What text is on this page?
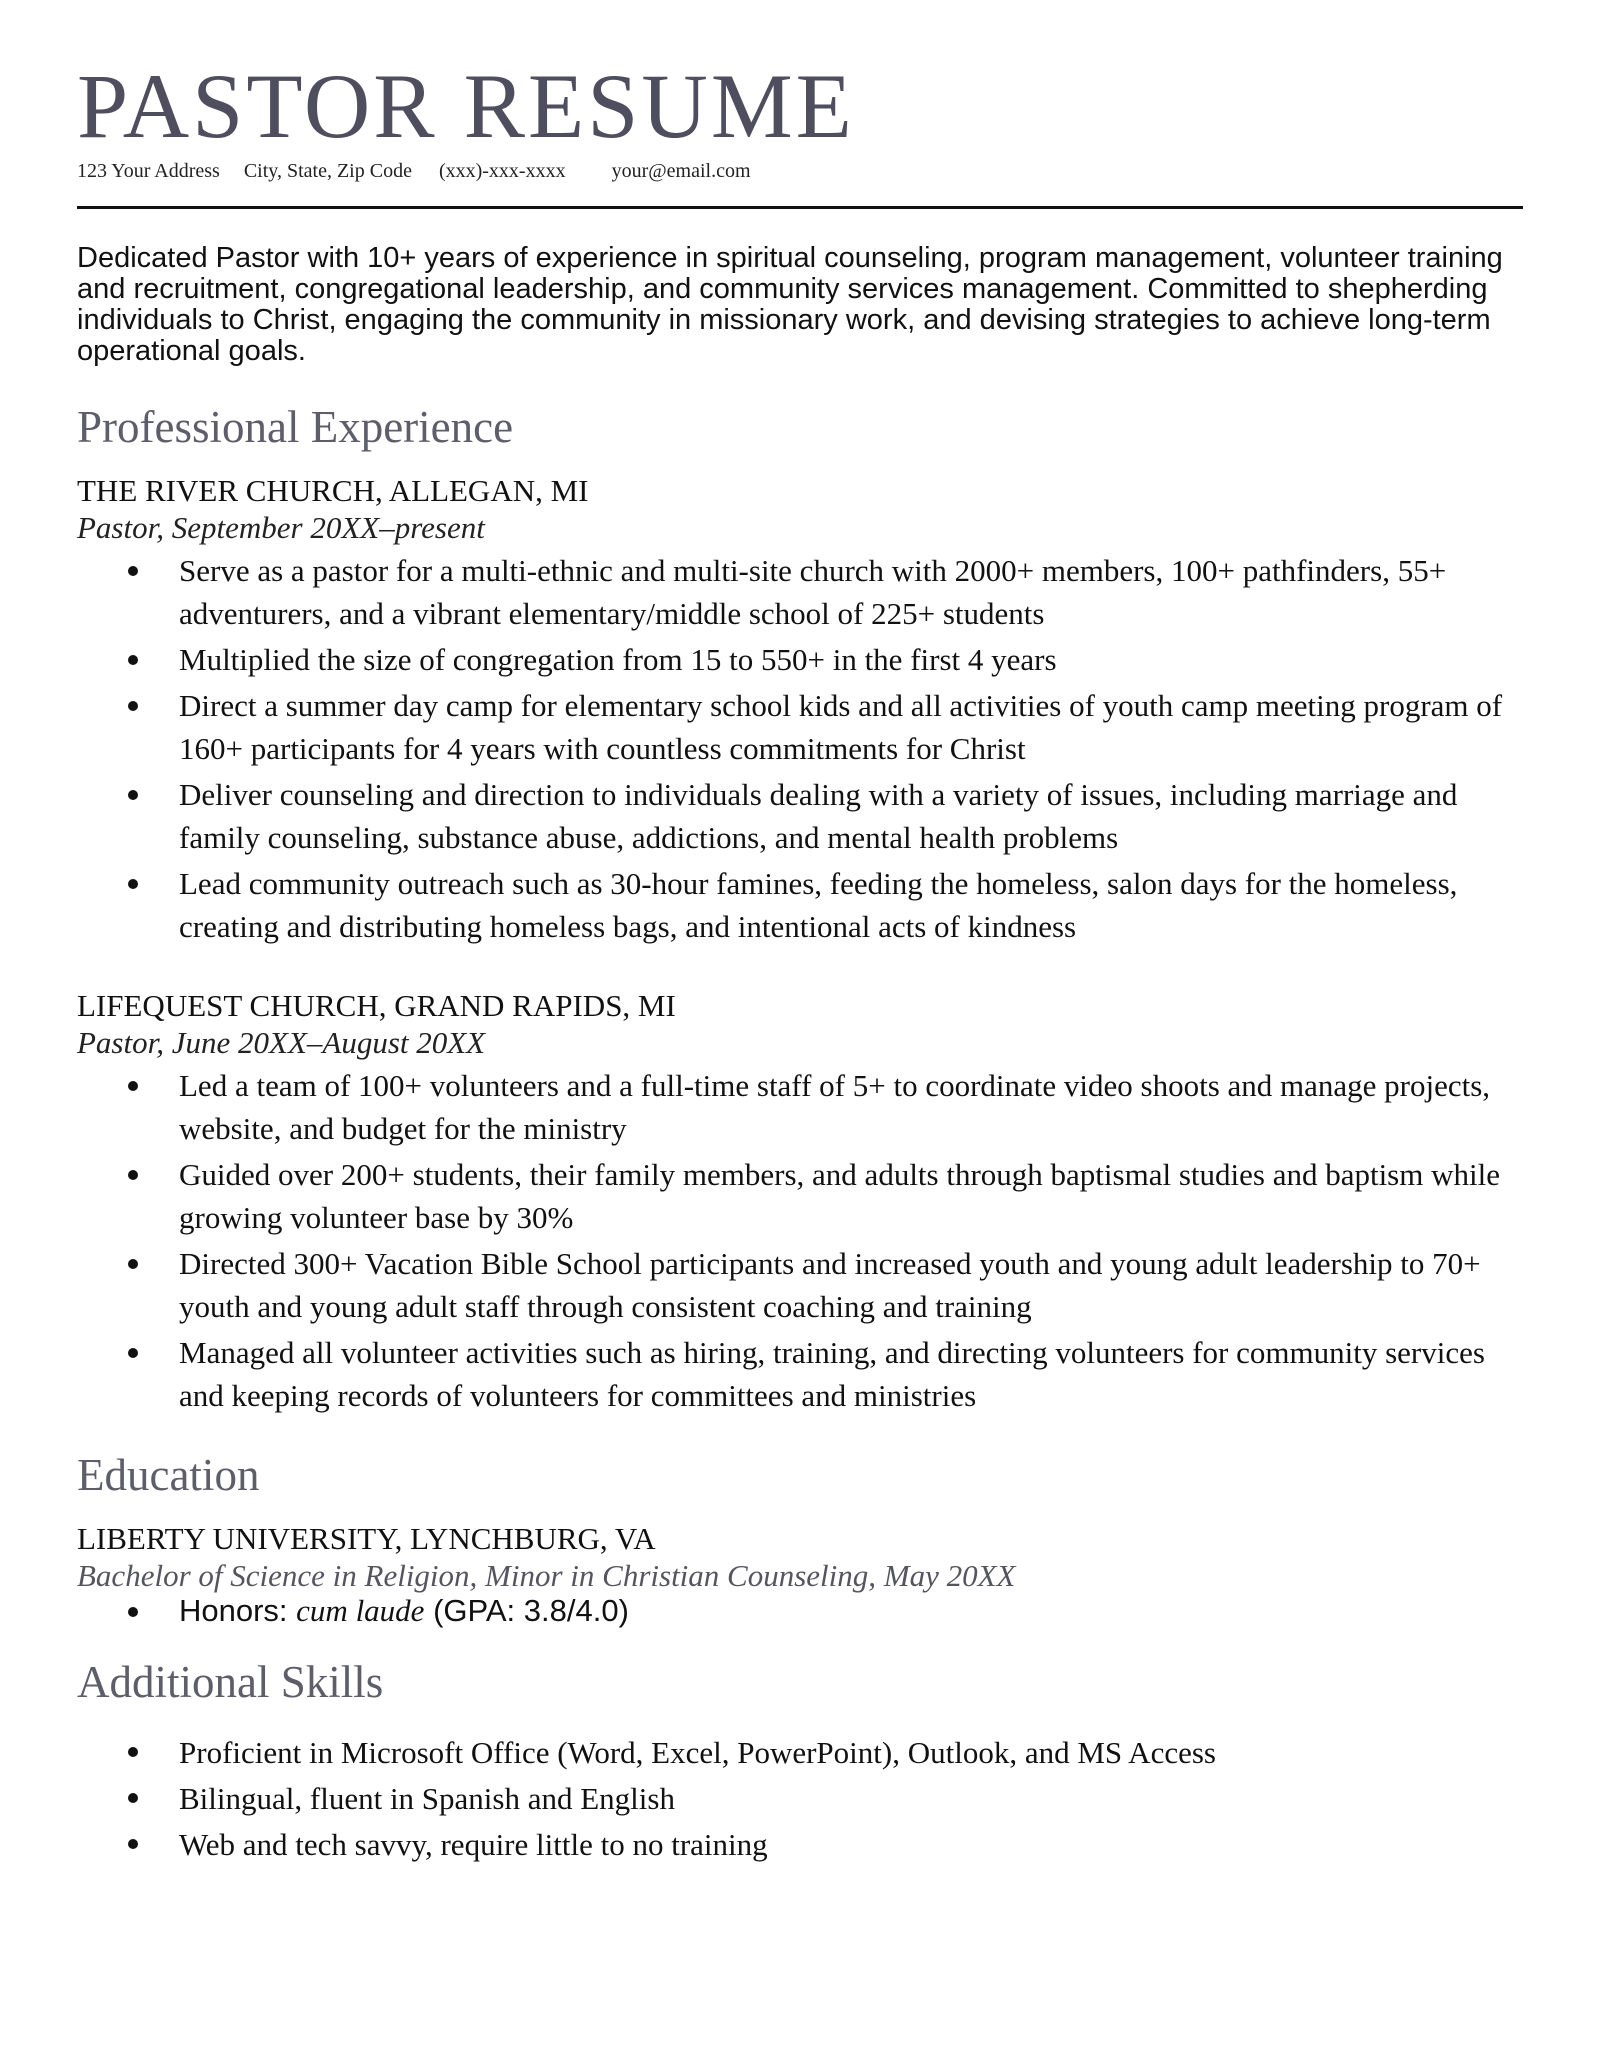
PASTOR RESUME
123 Your Address City, State, Zip Code (xxx)-xxx-xxxx your@email.com

Dedicated Pastor with 10+ years of experience in spiritual counseling, program management, volunteer training and recruitment, congregational leadership, and community services management. Committed to shepherding individuals to Christ, engaging the community in missionary work, and devising strategies to achieve long-term operational goals.

Professional Experience
THE RIVER CHURCH, ALLEGAN, MI
Pastor, September 20XX–present
Serve as a pastor for a multi-ethnic and multi-site church with 2000+ members, 100+ pathfinders, 55+ adventurers, and a vibrant elementary/middle school of 225+ students
Multiplied the size of congregation from 15 to 550+ in the first 4 years
Direct a summer day camp for elementary school kids and all activities of youth camp meeting program of 160+ participants for 4 years with countless commitments for Christ
Deliver counseling and direction to individuals dealing with a variety of issues, including marriage and family counseling, substance abuse, addictions, and mental health problems
Lead community outreach such as 30-hour famines, feeding the homeless, salon days for the homeless, creating and distributing homeless bags, and intentional acts of kindness
LIFEQUEST CHURCH, GRAND RAPIDS, MI
Pastor, June 20XX–August 20XX
Led a team of 100+ volunteers and a full-time staff of 5+ to coordinate video shoots and manage projects, website, and budget for the ministry
Guided over 200+ students, their family members, and adults through baptismal studies and baptism while growing volunteer base by 30%
Directed 300+ Vacation Bible School participants and increased youth and young adult leadership to 70+ youth and young adult staff through consistent coaching and training
Managed all volunteer activities such as hiring, training, and directing volunteers for community services and keeping records of volunteers for committees and ministries
Education
LIBERTY UNIVERSITY, LYNCHBURG, VA
Bachelor of Science in Religion, Minor in Christian Counseling, May 20XX
Honors: cum laude (GPA: 3.8/4.0)
Additional Skills
Proficient in Microsoft Office (Word, Excel, PowerPoint), Outlook, and MS Access
Bilingual, fluent in Spanish and English
Web and tech savvy, require little to no training
